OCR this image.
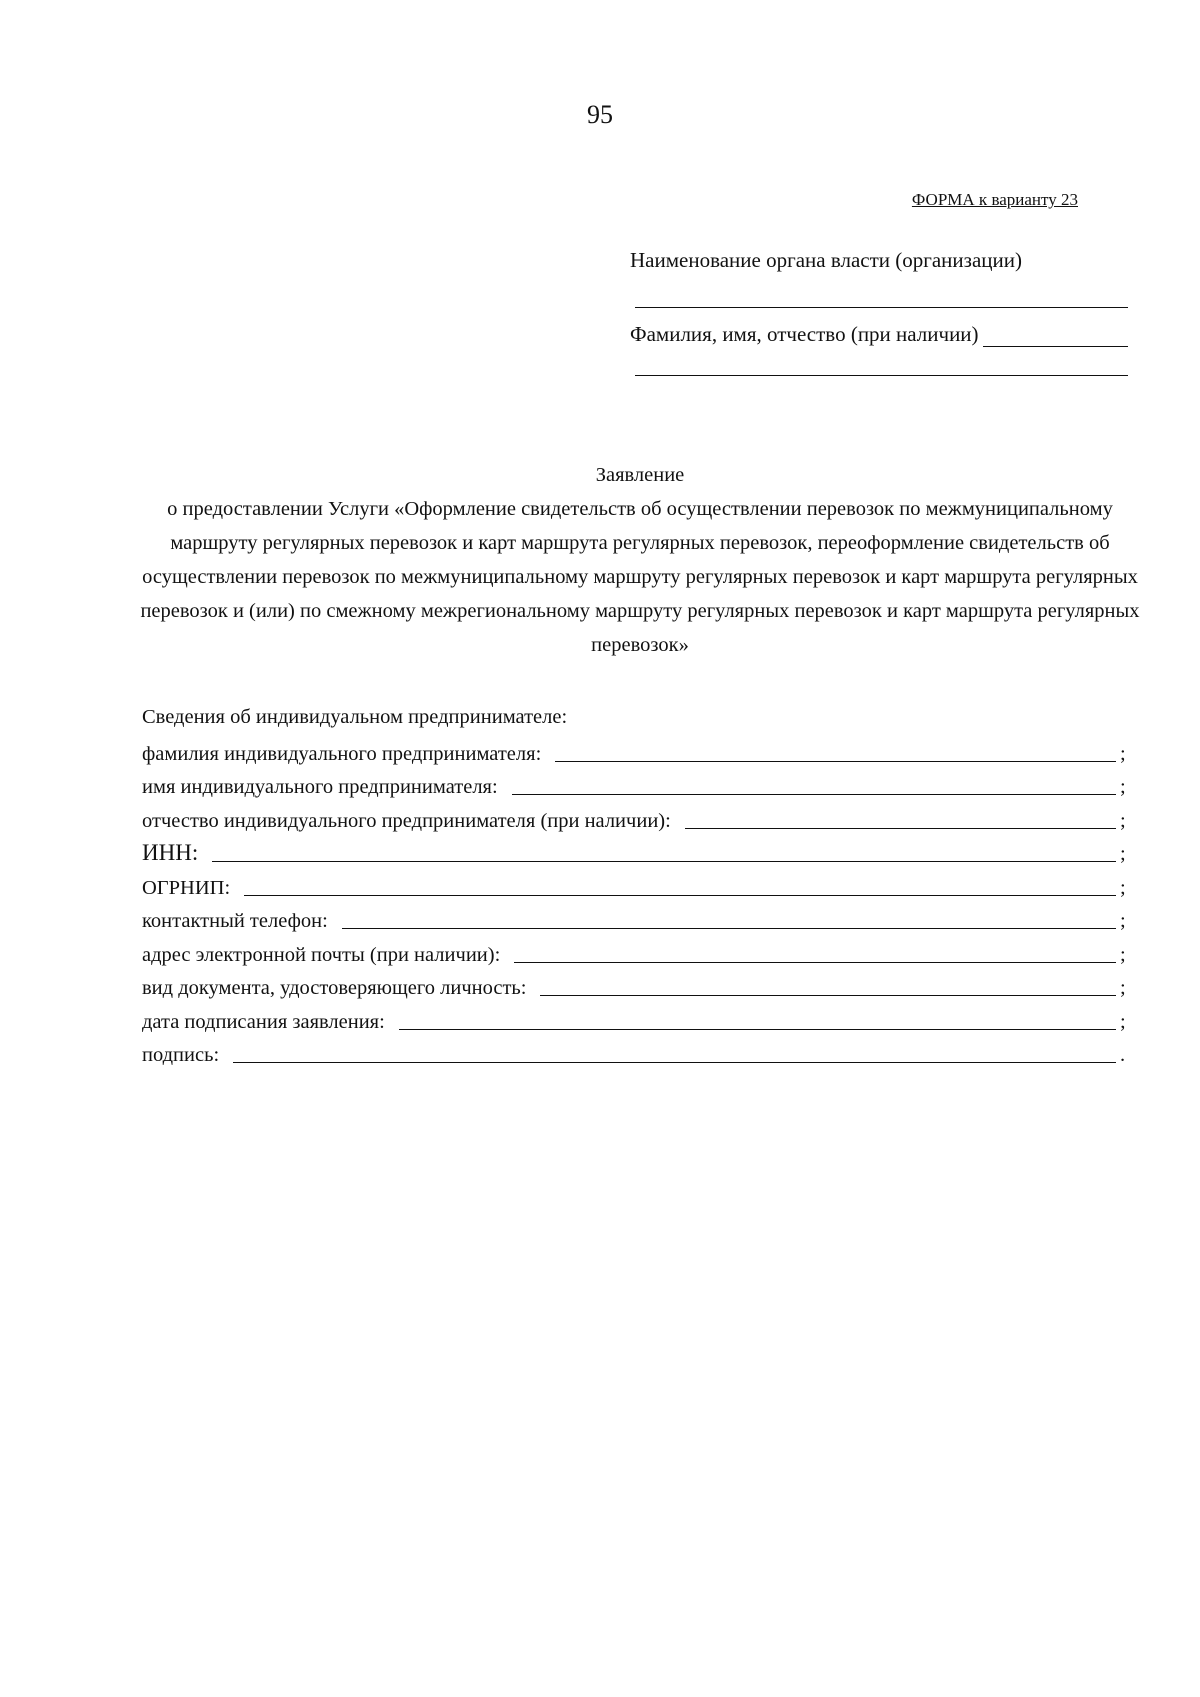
95
ФОРМА к варианту 23
Наименование органа власти (организации)
Фамилия, имя, отчество (при наличии)
Заявление
о предоставлении Услуги «Оформление свидетельств об осуществлении перевозок по межмуниципальному маршруту регулярных перевозок и карт маршрута регулярных перевозок, переоформление свидетельств об осуществлении перевозок по межмуниципальному маршруту регулярных перевозок и карт маршрута регулярных перевозок и (или) по смежному межрегиональному маршруту регулярных перевозок и карт маршрута регулярных перевозок»
Сведения об индивидуальном предпринимателе:
фамилия индивидуального предпринимателя:	;
имя индивидуального предпринимателя:	;
отчество индивидуального предпринимателя (при наличии):	;
ИНН:	;
ОГРНИП:	;
контактный телефон:	;
адрес электронной почты (при наличии):	;
вид документа, удостоверяющего личность:	;
дата подписания заявления:	;
подпись:	.
